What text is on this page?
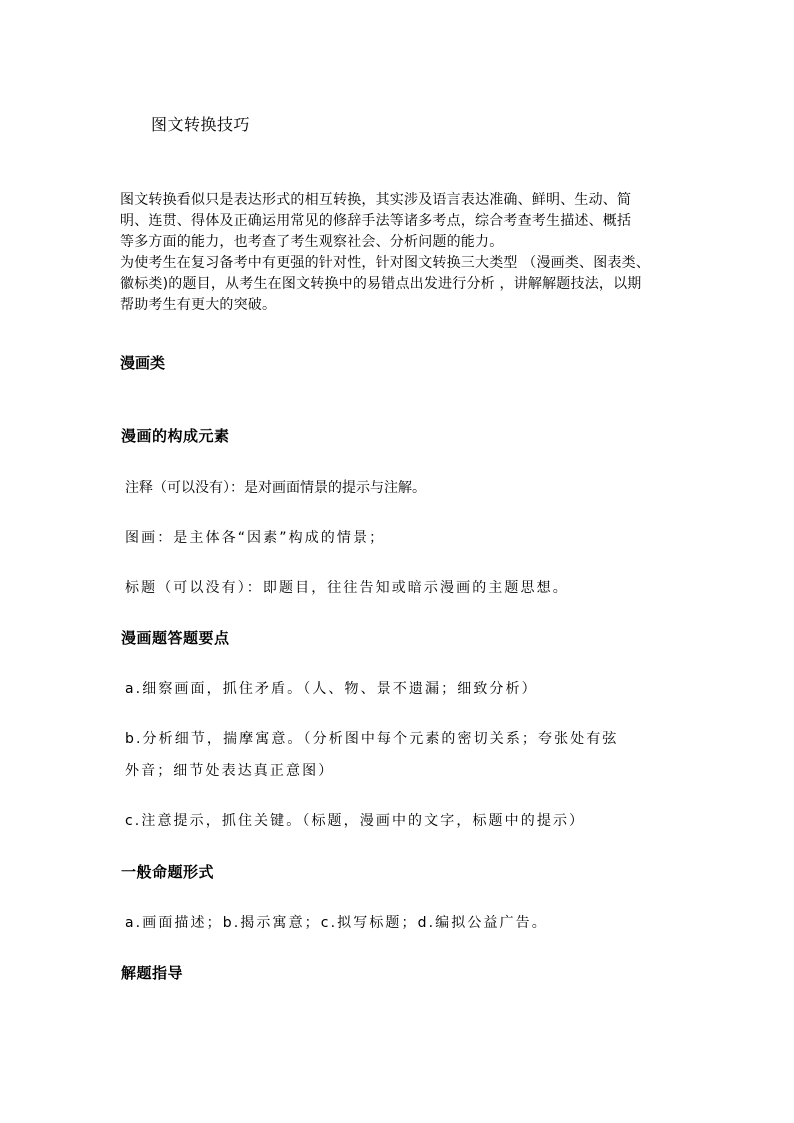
图文转换技巧

图文转换看似只是表达形式的相互转换，其实涉及语言表达准确、鲜明、生动、简

明、连贯、得体及正确运用常见的修辞手法等诸多考点，综合考查考生描述、概括

等多方面的能力，也考查了考生观察社会、分析问题的能力。

为使考生在复习备考中有更强的针对性，针对图文转换三大类型 （漫画类、图表类、

徽标类)的题目，从考生在图文转换中的易错点出发进行分析 ，讲解解题技法，以期

帮助考生有更大的突破。

漫画类
漫画的构成元素
注释（可以没有）：是对画面情景的提示与注解。
图画：是主体各“因素”构成的情景；
标题（可以没有）：即题目，往往告知或暗示漫画的主题思想。
漫画题答题要点
a.细察画面，抓住矛盾。（人、物、景不遗漏；细致分析）
b.分析细节，揣摩寓意。（分析图中每个元素的密切关系；夸张处有弦
外音；细节处表达真正意图）
c.注意提示，抓住关键。（标题，漫画中的文字，标题中的提示）
一般命题形式
a.画面描述；b.揭示寓意；c.拟写标题；d.编拟公益广告。
解题指导
